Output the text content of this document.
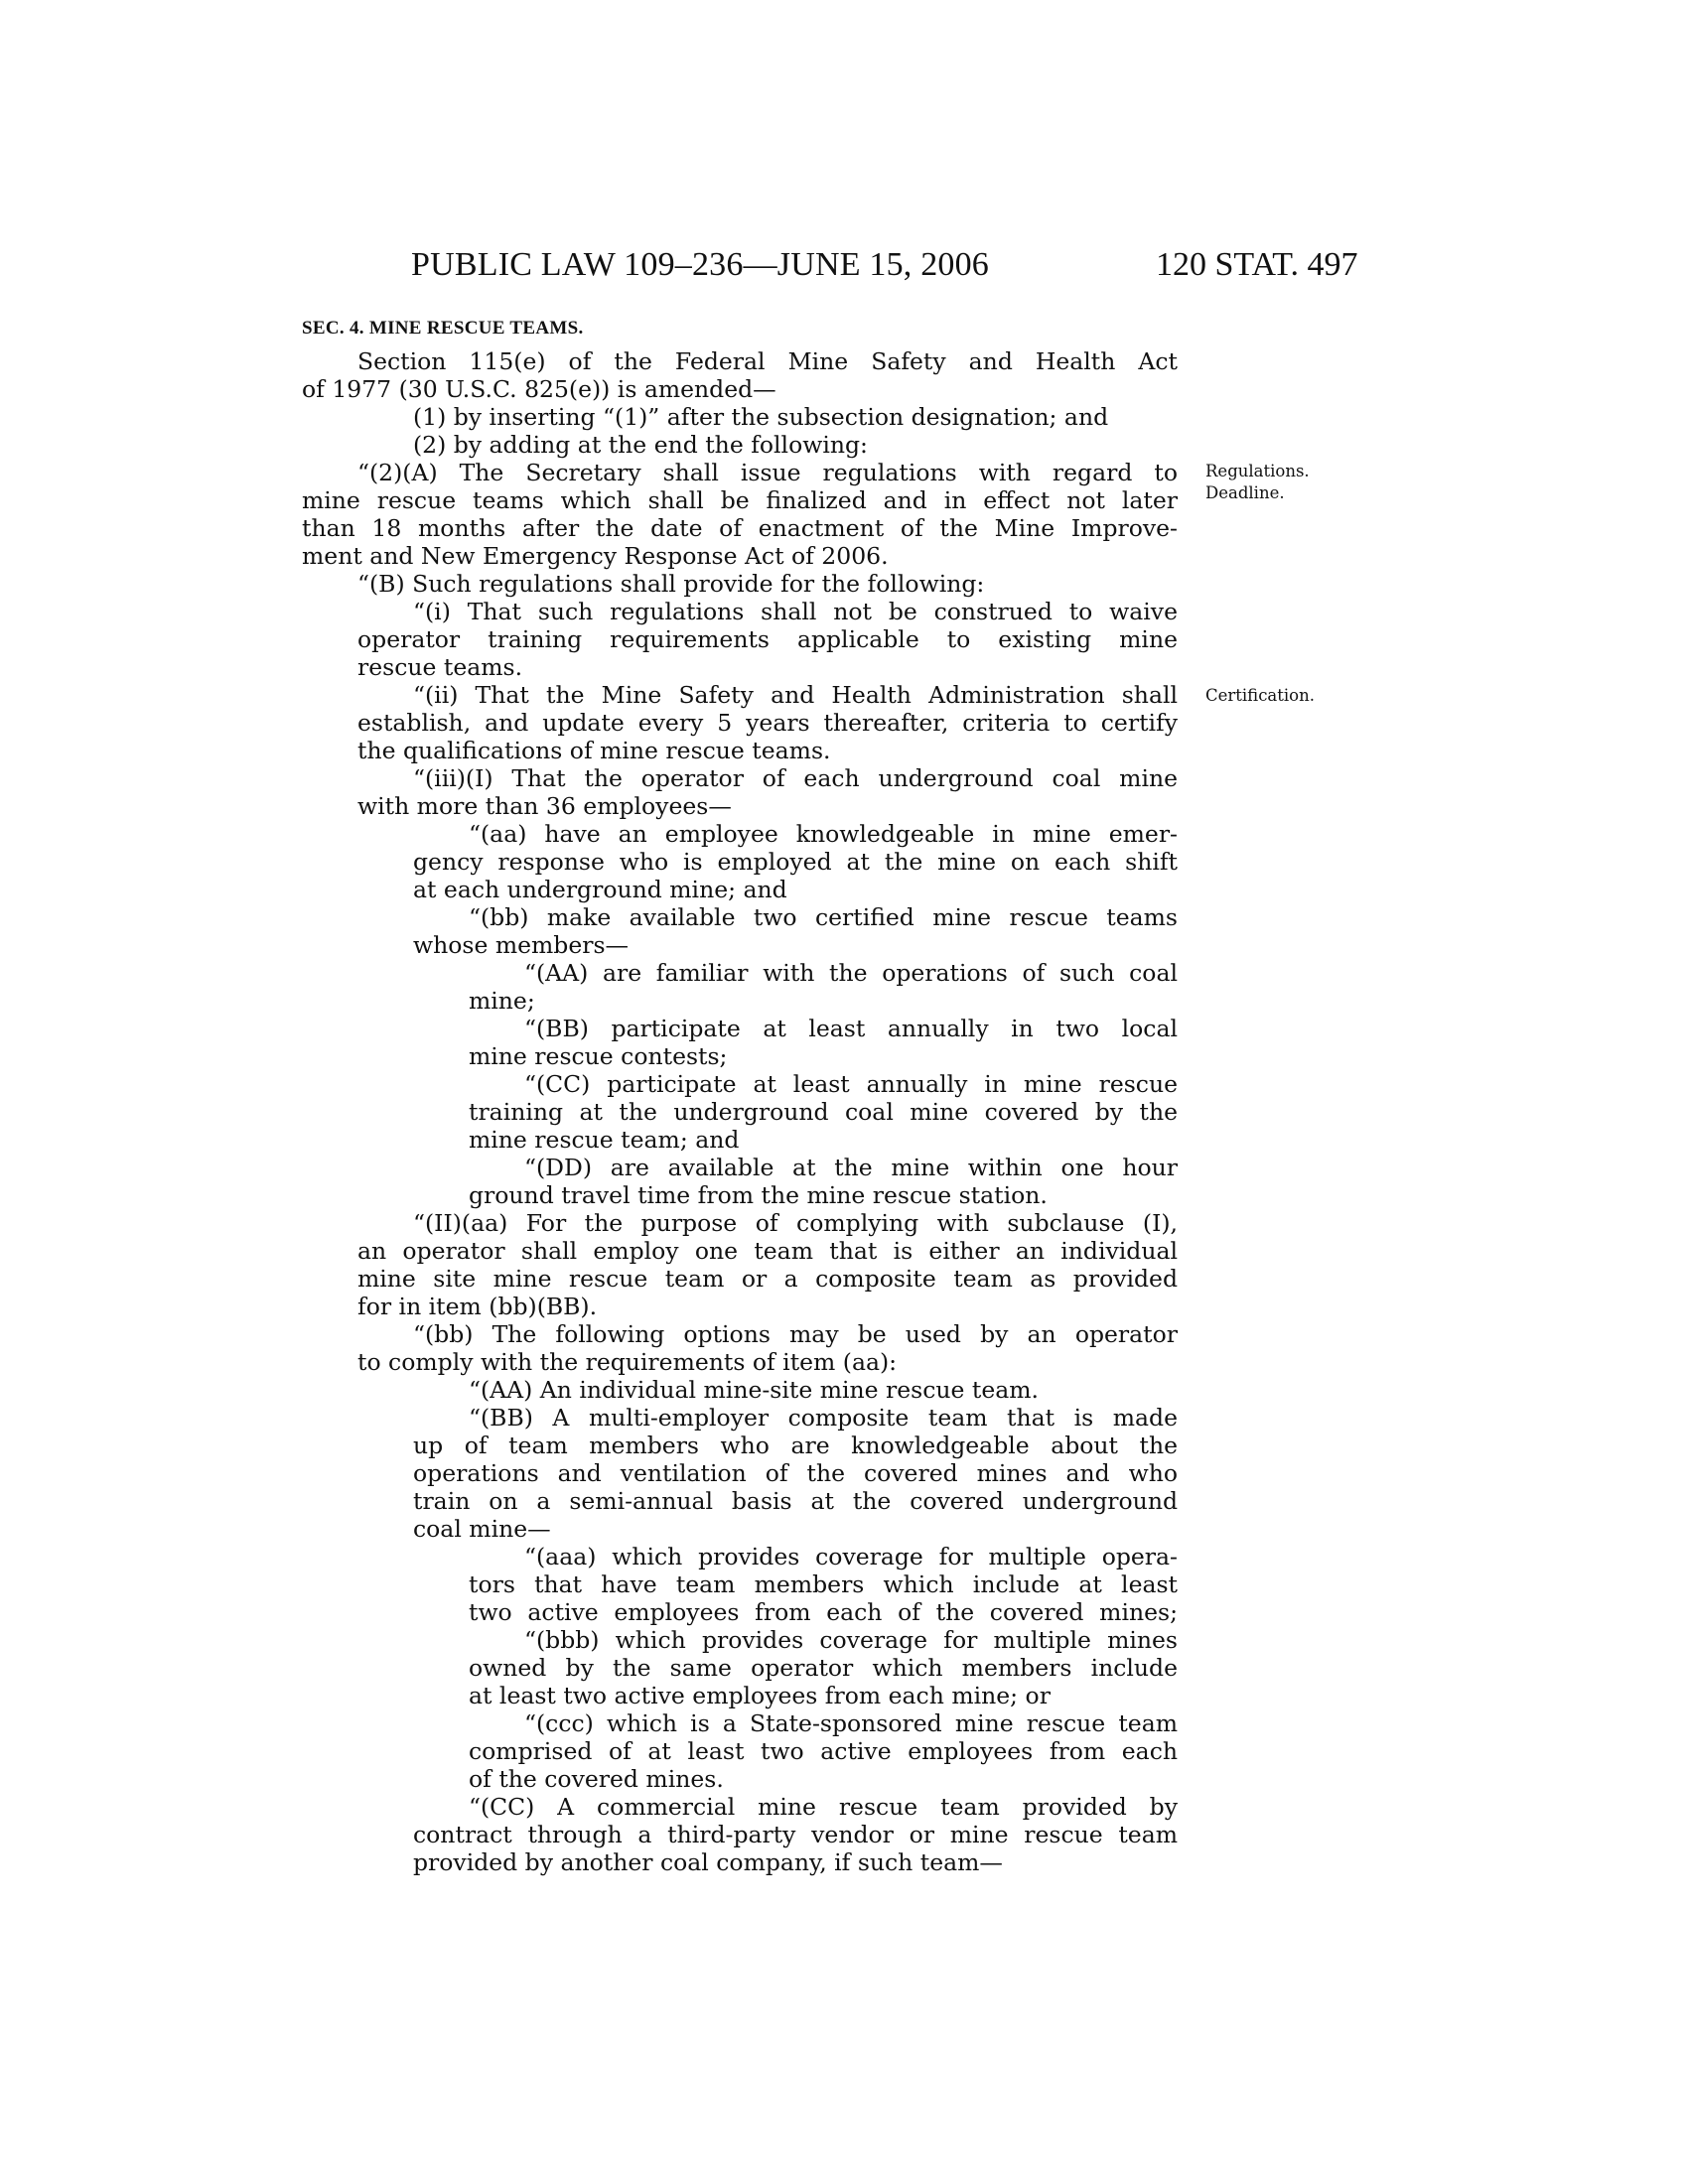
PUBLIC LAW 109–236—JUNE 15, 2006	120 STAT. 497
SEC. 4. MINE RESCUE TEAMS.
Regulations.
Deadline.
Certification.
Section 115(e) of the Federal Mine Safety and Health Act
of 1977 (30 U.S.C. 825(e)) is amended—
(1) by inserting “(1)” after the subsection designation; and
(2) by adding at the end the following:
“(2)(A) The Secretary shall issue regulations with regard to
mine rescue teams which shall be finalized and in effect not later
than 18 months after the date of enactment of the Mine Improve-
ment and New Emergency Response Act of 2006.
“(B) Such regulations shall provide for the following:
“(i) That such regulations shall not be construed to waive
operator training requirements applicable to existing mine
rescue teams.
“(ii) That the Mine Safety and Health Administration shall
establish, and update every 5 years thereafter, criteria to certify
the qualifications of mine rescue teams.
“(iii)(I) That the operator of each underground coal mine
with more than 36 employees—
“(aa) have an employee knowledgeable in mine emer-
gency response who is employed at the mine on each shift
at each underground mine; and
“(bb) make available two certified mine rescue teams
whose members—
“(AA) are familiar with the operations of such coal
mine;
“(BB) participate at least annually in two local
mine rescue contests;
“(CC) participate at least annually in mine rescue
training at the underground coal mine covered by the
mine rescue team; and
“(DD) are available at the mine within one hour
ground travel time from the mine rescue station.
“(II)(aa) For the purpose of complying with subclause (I),
an operator shall employ one team that is either an individual
mine site mine rescue team or a composite team as provided
for in item (bb)(BB).
“(bb) The following options may be used by an operator
to comply with the requirements of item (aa):
“(AA) An individual mine-site mine rescue team.
“(BB) A multi-employer composite team that is made
up of team members who are knowledgeable about the
operations and ventilation of the covered mines and who
train on a semi-annual basis at the covered underground
coal mine—
“(aaa) which provides coverage for multiple opera-
tors that have team members which include at least
two active employees from each of the covered mines;
“(bbb) which provides coverage for multiple mines
owned by the same operator which members include
at least two active employees from each mine; or
“(ccc) which is a State-sponsored mine rescue team
comprised of at least two active employees from each
of the covered mines.
“(CC) A commercial mine rescue team provided by
contract through a third-party vendor or mine rescue team
provided by another coal company, if such team—
